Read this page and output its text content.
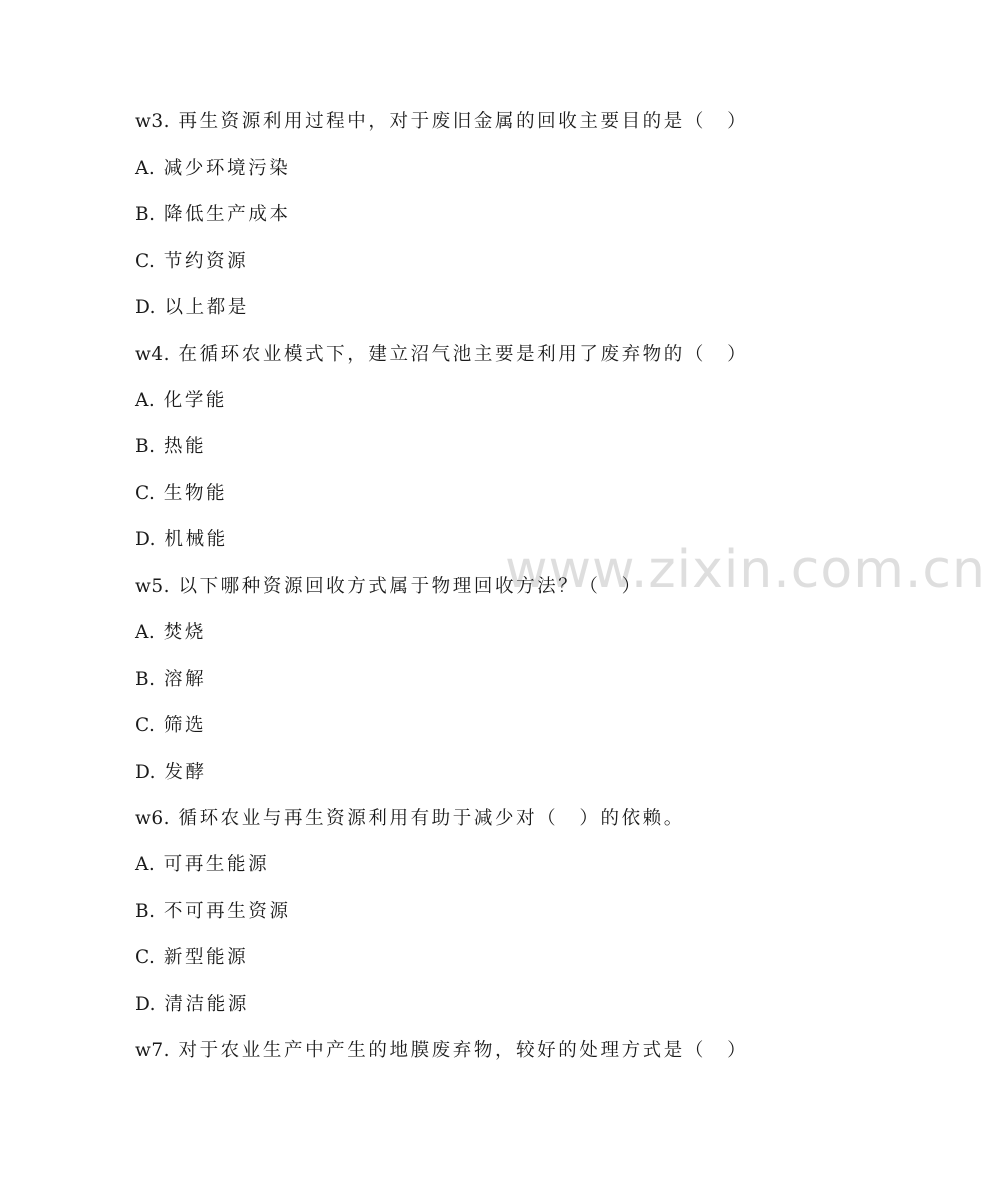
www.zixin.com.cn
w3. 再生资源利用过程中，对于废旧金属的回收主要目的是（　）
A. 减少环境污染
B. 降低生产成本
C. 节约资源
D. 以上都是
w4. 在循环农业模式下，建立沼气池主要是利用了废弃物的（　）
A. 化学能
B. 热能
C. 生物能
D. 机械能
w5. 以下哪种资源回收方式属于物理回收方法？（　）
A. 焚烧
B. 溶解
C. 筛选
D. 发酵
w6. 循环农业与再生资源利用有助于减少对（　）的依赖。
A. 可再生能源
B. 不可再生资源
C. 新型能源
D. 清洁能源
w7. 对于农业生产中产生的地膜废弃物，较好的处理方式是（　）
